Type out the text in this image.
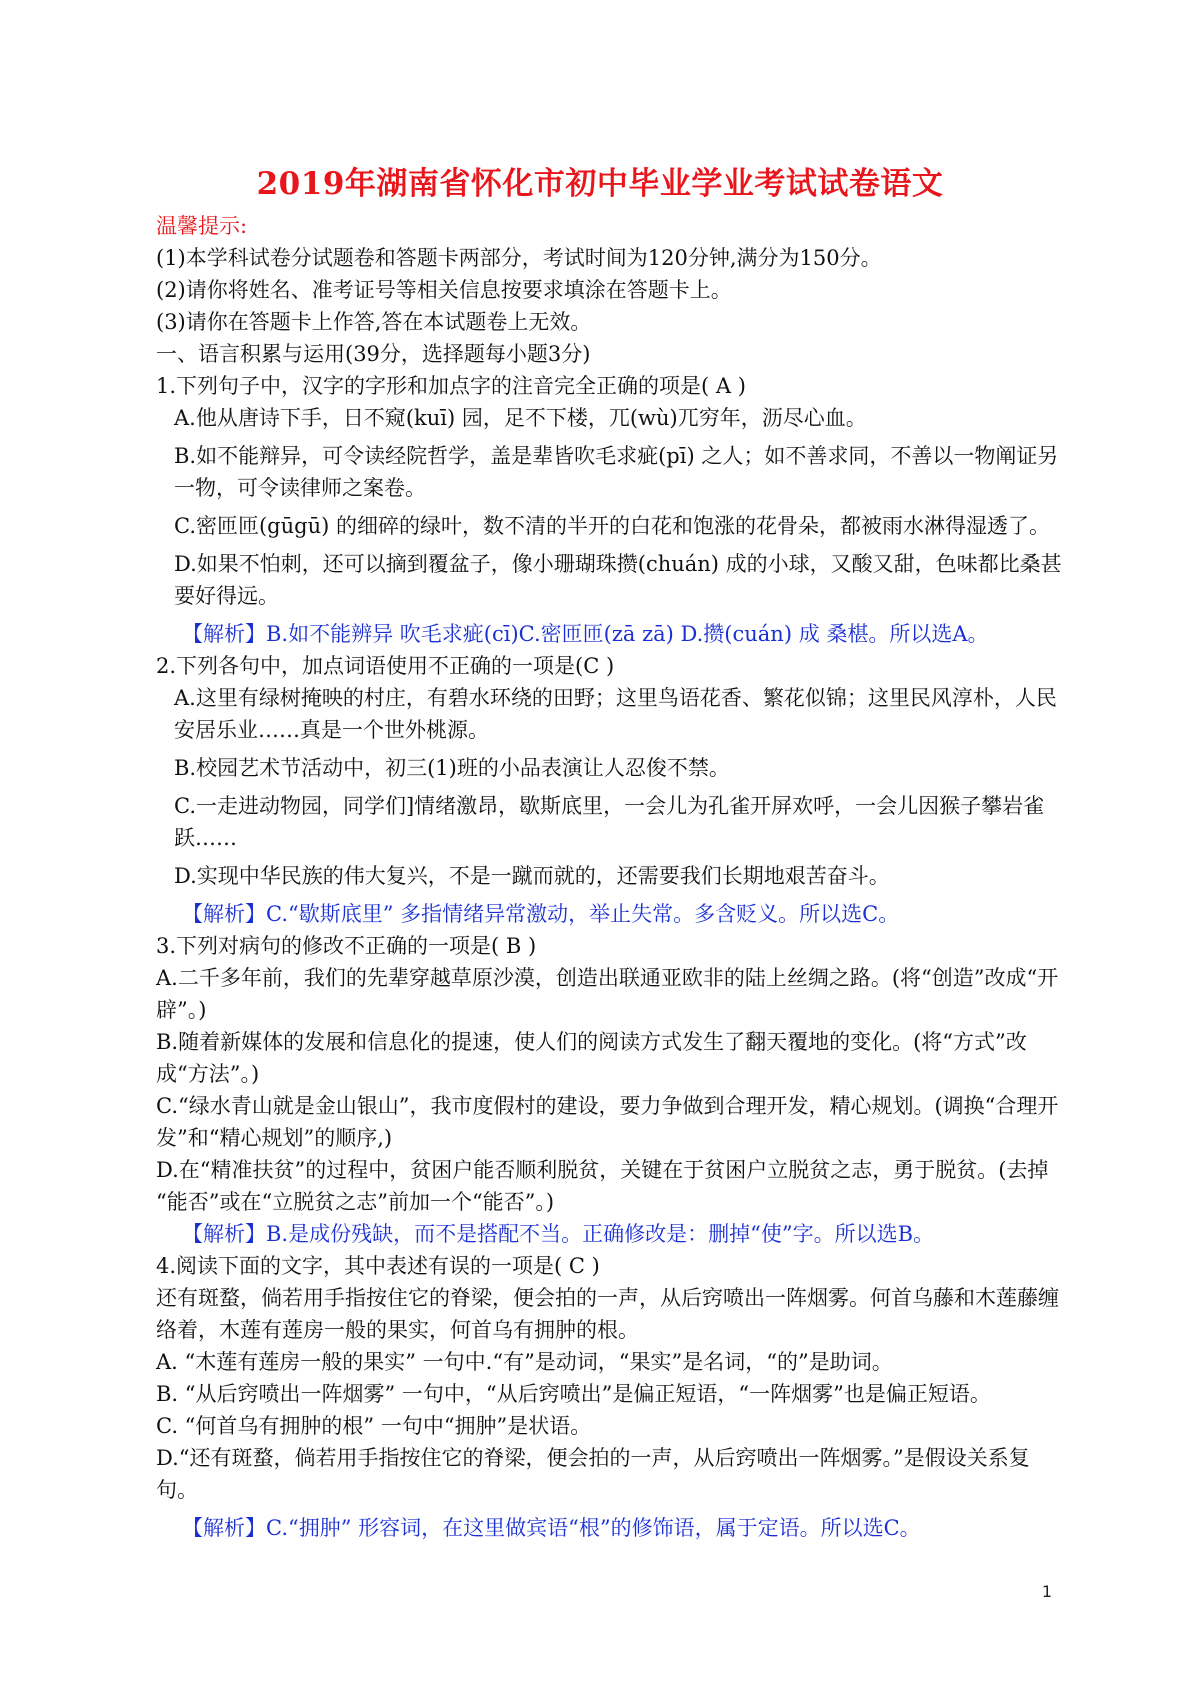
2019年湖南省怀化市初中毕业学业考试试卷语文

温馨提示:

(1)本学科试卷分试题卷和答题卡两部分，考试时间为120分钟,满分为150分。

(2)请你将姓名、准考证号等相关信息按要求填涂在答题卡上。

(3)请你在答题卡上作答,答在本试题卷上无效。

一、语言积累与运用(39分，选择题每小题3分)

1.下列句子中，汉字的字形和加点字的注音完全正确的项是( A )

A.他从唐诗下手，日不窥(kuī) 园，足不下楼，兀(wù)兀穷年，沥尽心血。

B.如不能辩异，可令读经院哲学，盖是辈皆吹毛求疵(pī) 之人；如不善求同，不善以一物阐证另一物，可令读律师之案卷。

C.密匝匝(gūgū) 的细碎的绿叶，数不清的半开的白花和饱涨的花骨朵，都被雨水淋得湿透了。

D.如果不怕刺，还可以摘到覆盆子，像小珊瑚珠攒(chuán) 成的小球，又酸又甜，色味都比桑甚要好得远。

【解析】B.如不能辨异 吹毛求疵(cī)C.密匝匝(zā zā) D.攒(cuán) 成 桑椹。所以选A。

2.下列各句中，加点词语使用不正确的一项是(C )

A.这里有绿树掩映的村庄，有碧水环绕的田野；这里鸟语花香、繁花似锦；这里民风淳朴，人民安居乐业……真是一个世外桃源。

B.校园艺术节活动中，初三(1)班的小品表演让人忍俊不禁。

C.一走进动物园，同学们]情绪激昂，歇斯底里，一会儿为孔雀开屏欢呼，一会儿因猴子攀岩雀跃……

D.实现中华民族的伟大复兴，不是一蹴而就的，还需要我们长期地艰苦奋斗。

【解析】C.“歇斯底里” 多指情绪异常激动，举止失常。多含贬义。所以选C。

3.下列对病句的修改不正确的一项是( B )

A.二千多年前，我们的先辈穿越草原沙漠，创造出联通亚欧非的陆上丝绸之路。(将“创造”改成“开辟”。)

B.随着新媒体的发展和信息化的提速，使人们的阅读方式发生了翻天覆地的变化。(将“方式”改成“方法”。)

C.“绿水青山就是金山银山”，我市度假村的建设，要力争做到合理开发，精心规划。(调换“合理开发”和“精心规划”的顺序,)

D.在“精准扶贫”的过程中，贫困户能否顺利脱贫，关键在于贫困户立脱贫之志，勇于脱贫。(去掉 “能否”或在“立脱贫之志”前加一个“能否”。)

【解析】B.是成份残缺，而不是搭配不当。正确修改是：删掉“使”字。所以选B。

4.阅读下面的文字，其中表述有误的一项是( C )

还有斑蝥，倘若用手指按住它的脊梁，便会拍的一声，从后窍喷出一阵烟雾。何首乌藤和木莲藤缠络着，木莲有莲房一般的果实，何首乌有拥肿的根。

A. “木莲有莲房一般的果实” 一句中.“有”是动词，“果实”是名词，“的”是助词。

B. “从后窍喷出一阵烟雾” 一句中，“从后窍喷出”是偏正短语，“一阵烟雾”也是偏正短语。

C. “何首乌有拥肿的根” 一句中“拥肿”是状语。

D.“还有斑蝥，倘若用手指按住它的脊梁，便会拍的一声，从后窍喷出一阵烟雾。”是假设关系复句。

【解析】C.“拥肿” 形容词，在这里做宾语“根”的修饰语，属于定语。所以选C。

1
